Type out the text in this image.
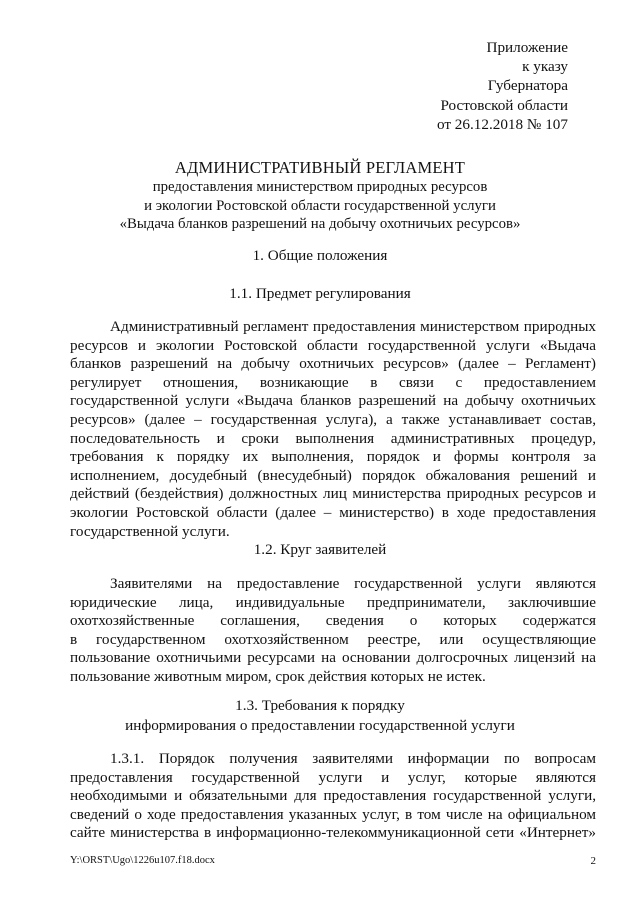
Приложение
к указу
Губернатора
Ростовской области
от 26.12.2018 № 107
АДМИНИСТРАТИВНЫЙ РЕГЛАМЕНТ
предоставления министерством природных ресурсов
и экологии Ростовской области государственной услуги
«Выдача бланков разрешений на добычу охотничьих ресурсов»
1. Общие положения
1.1. Предмет регулирования
Административный регламент предоставления министерством природных
ресурсов и экологии Ростовской области государственной услуги «Выдача
бланков разрешений на добычу охотничьих ресурсов» (далее – Регламент)
регулирует отношения, возникающие в связи с предоставлением
государственной услуги «Выдача бланков разрешений на добычу охотничьих
ресурсов» (далее – государственная услуга), а также устанавливает состав,
последовательность и сроки выполнения административных процедур,
требования к порядку их выполнения, порядок и формы контроля за
исполнением, досудебный (внесудебный) порядок обжалования решений и
действий (бездействия) должностных лиц министерства природных ресурсов и
экологии Ростовской области (далее – министерство) в ходе предоставления
государственной услуги.
1.2. Круг заявителей
Заявителями на предоставление государственной услуги являются
юридические лица, индивидуальные предприниматели, заключившие
охотхозяйственные соглашения, сведения о которых содержатся
в государственном охотхозяйственном реестре, или осуществляющие
пользование охотничьими ресурсами на основании долгосрочных лицензий на
пользование животным миром, срок действия которых не истек.
1.3. Требования к порядку
информирования о предоставлении государственной услуги
1.3.1. Порядок получения заявителями информации по вопросам
предоставления государственной услуги и услуг, которые являются
необходимыми и обязательными для предоставления государственной услуги,
сведений о ходе предоставления указанных услуг, в том числе на официальном
сайте министерства в информационно-телекоммуникационной сети «Интернет»
Y:\ORST\Ugo\1226u107.f18.docx	2
